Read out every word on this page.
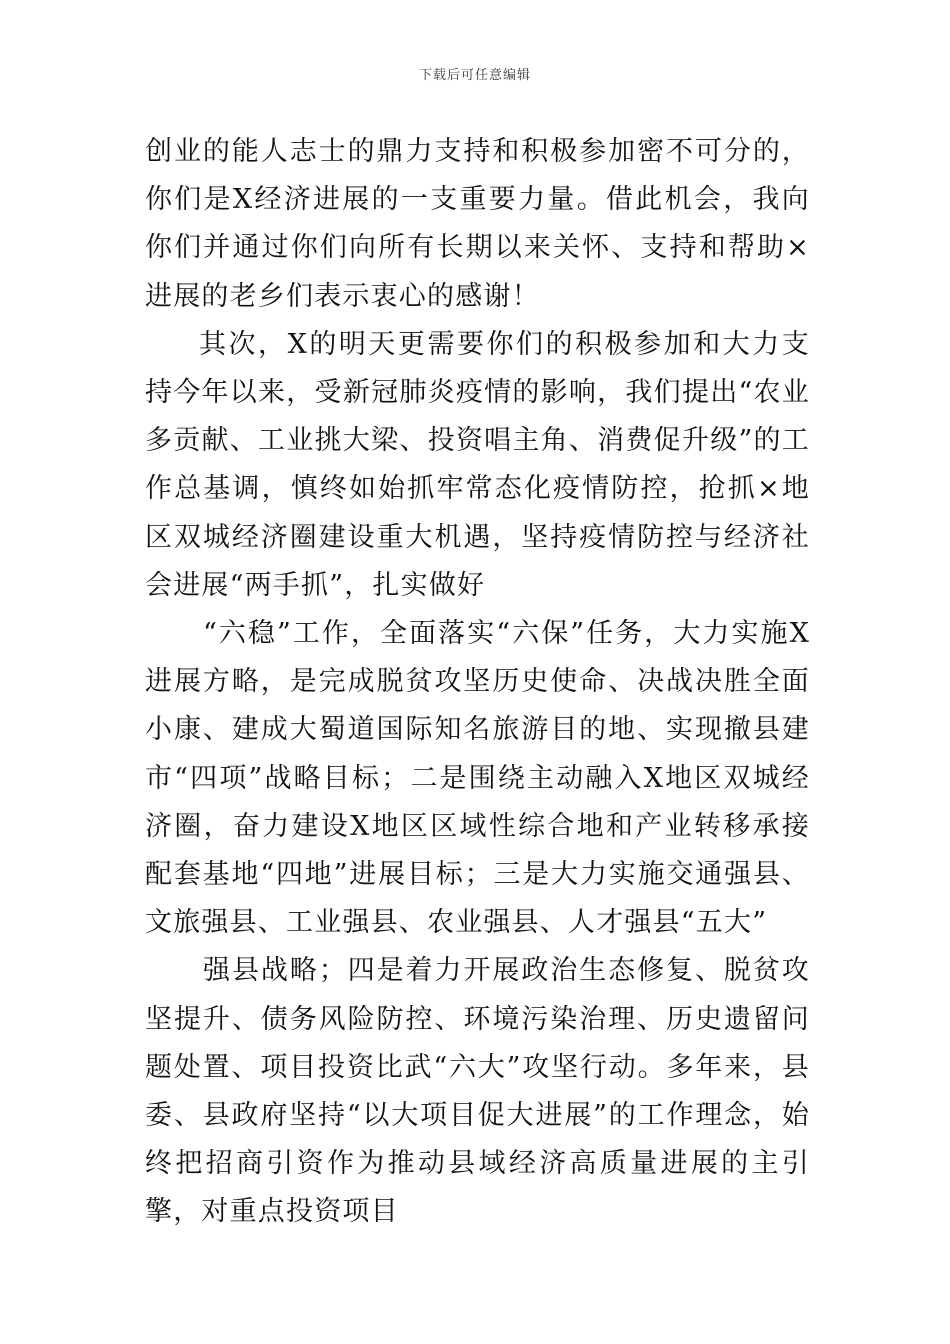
下载后可任意编辑

创业的能人志士的鼎力支持和积极参加密不可分的，你们是X经济进展的一支重要力量。借此机会，我向你们并通过你们向所有长期以来关怀、支持和帮助×进展的老乡们表示衷心的感谢！

其次，X的明天更需要你们的积极参加和大力支持今年以来，受新冠肺炎疫情的影响，我们提出“农业多贡献、工业挑大梁、投资唱主角、消费促升级”的工作总基调，慎终如始抓牢常态化疫情防控，抢抓×地区双城经济圈建设重大机遇，坚持疫情防控与经济社会进展“两手抓”，扎实做好

“六稳”工作，全面落实“六保”任务，大力实施X进展方略，是完成脱贫攻坚历史使命、决战决胜全面小康、建成大蜀道国际知名旅游目的地、实现撤县建市“四项”战略目标；二是围绕主动融入X地区双城经济圈，奋力建设X地区区域性综合地和产业转移承接配套基地“四地”进展目标；三是大力实施交通强县、文旅强县、工业强县、农业强县、人才强县“五大”

强县战略；四是着力开展政治生态修复、脱贫攻坚提升、债务风险防控、环境污染治理、历史遗留问题处置、项目投资比武“六大”攻坚行动。多年来，县委、县政府坚持“以大项目促大进展”的工作理念，始终把招商引资作为推动县域经济高质量进展的主引擎，对重点投资项目
